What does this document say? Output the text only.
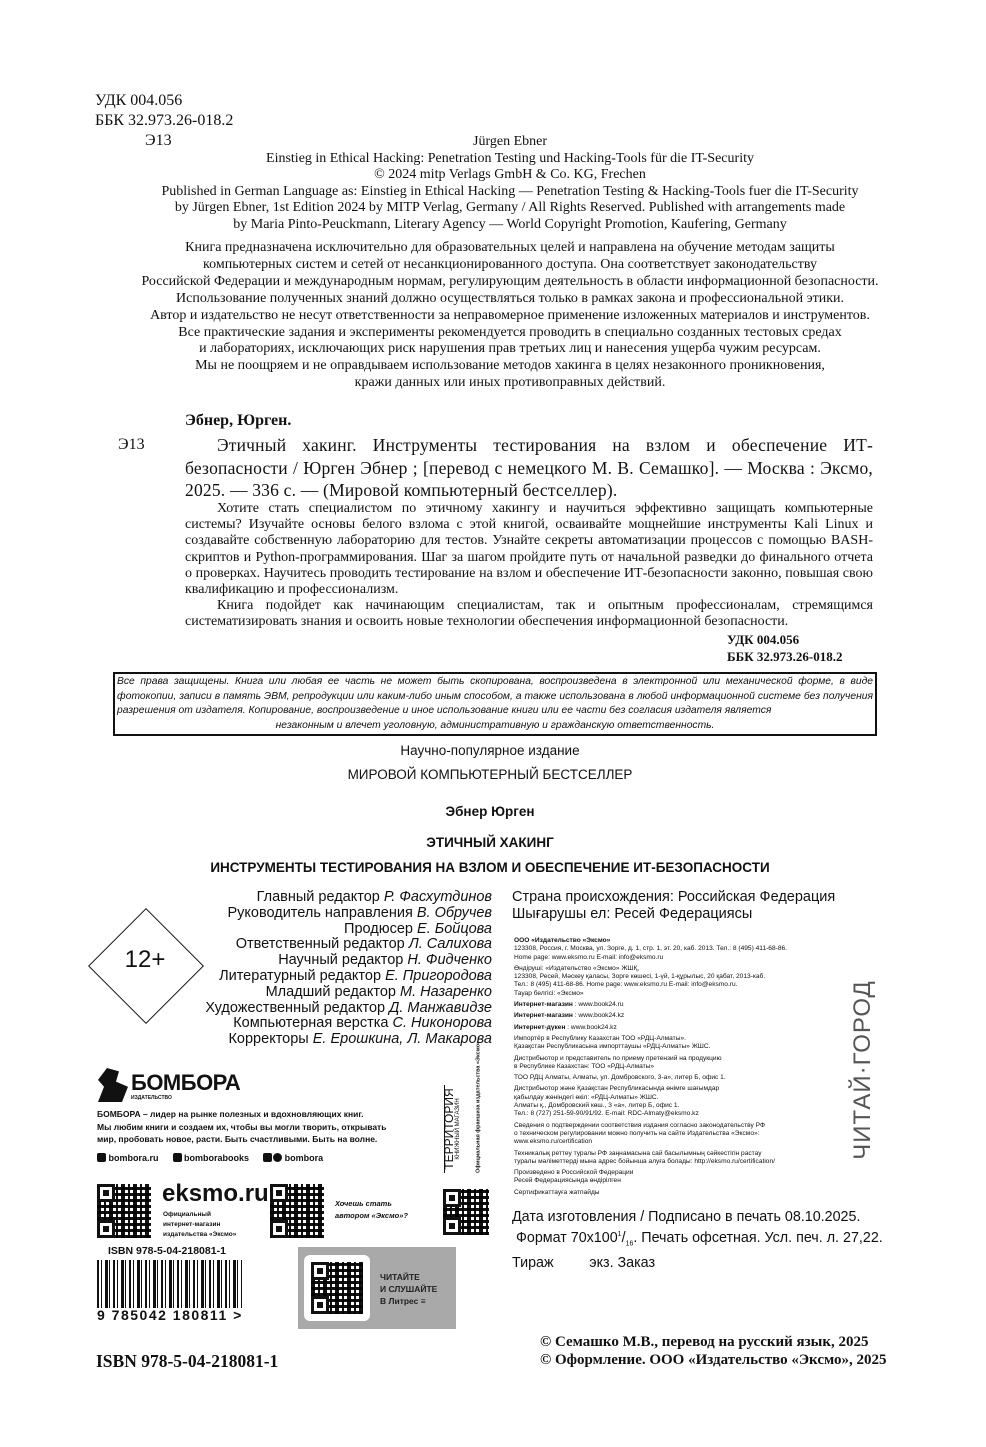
УДК 004.056
ББК 32.973.26-018.2
Э13	Jürgen Ebner
Einstieg in Ethical Hacking: Penetration Testing und Hacking-Tools für die IT-Security
© 2024 mitp Verlags GmbH & Co. KG, Frechen
Published in German Language as: Einstieg in Ethical Hacking — Penetration Testing & Hacking-Tools fuer die IT-Security
by Jürgen Ebner, 1st Edition 2024 by MITP Verlag, Germany / All Rights Reserved. Published with arrangements made
by Maria Pinto-Peuckmann, Literary Agency — World Copyright Promotion, Kaufering, Germany
Книга предназначена исключительно для образовательных целей и направлена на обучение методам защиты
компьютерных систем и сетей от несанкционированного доступа. Она соответствует законодательству
Российской Федерации и международным нормам, регулирующим деятельность в области информационной безопасности.
Использование полученных знаний должно осуществляться только в рамках закона и профессиональной этики.
Автор и издательство не несут ответственности за неправомерное применение изложенных материалов и инструментов.
Все практические задания и эксперименты рекомендуется проводить в специально созданных тестовых средах
и лабораториях, исключающих риск нарушения прав третьих лиц и нанесения ущерба чужим ресурсам.
Мы не поощряем и не оправдываем использование методов хакинга в целях незаконного проникновения,
кражи данных или иных противоправных действий.
Э13
Эбнер, Юрген.
Этичный хакинг. Инструменты тестирования на взлом и обеспечение ИТ-безопасности / Юрген Эбнер ; [перевод с немецкого М. В. Семашко]. — Москва : Эксмо, 2025. — 336 с. — (Мировой компьютерный бестселлер).

Хотите стать специалистом по этичному хакингу и научиться эффективно защищать компьютерные системы? Изучайте основы белого взлома с этой книгой, осваивайте мощнейшие инструменты Kali Linux и создавайте собственную лабораторию для тестов. Узнайте секреты автоматизации процессов с помощью BASH-скриптов и Python-программирования. Шаг за шагом пройдите путь от начальной разведки до финального отчета о проверках. Научитесь проводить тестирование на взлом и обеспечение ИТ-безопасности законно, повышая свою квалификацию и профессионализм.

Книга подойдет как начинающим специалистам, так и опытным профессионалам, стремящимся систематизировать знания и освоить новые технологии обеспечения информационной безопасности.

УДК 004.056
ББК 32.973.26-018.2
Все права защищены. Книга или любая ее часть не может быть скопирована, воспроизведена в электронной или механической форме, в виде фотокопии, записи в память ЭВМ, репродукции или каким-либо иным способом, а также использована в любой информационной системе без получения разрешения от издателя. Копирование, воспроизведение и иное использование книги или ее части без согласия издателя является
незаконным и влечет уголовную, административную и гражданскую ответственность.
Научно-популярное издание
МИРОВОЙ КОМПЬЮТЕРНЫЙ БЕСТСЕЛЛЕР
Эбнер Юрген
ЭТИЧНЫЙ ХАКИНГ
ИНСТРУМЕНТЫ ТЕСТИРОВАНИЯ НА ВЗЛОМ И ОБЕСПЕЧЕНИЕ ИТ-БЕЗОПАСНОСТИ
Главный редактор Р. Фасхутдинов
Руководитель направления В. Обручев
Продюсер Е. Бойцова
Ответственный редактор Л. Салихова
Научный редактор Н. Фидченко
Литературный редактор Е. Пригородова
Младший редактор М. Назаренко
Художественный редактор Д. Манжавидзе
Компьютерная верстка С. Никонорова
Корректоры Е. Ерошкина, Л. Макарова
12+
Страна происхождения: Российская Федерация
Шығарушы ел: Ресей Федерациясы

ООО «Издательство «Эксмо»
123308, Россия, г. Москва, ул. Зорге, д. 1, стр. 1, эт. 20, каб. 2013. Тел.: 8 (495) 411-68-86.
Home page: www.eksmo.ru E-mail: info@eksmo.ru

Өндіруші: «Издательство «Эксмо» ЖШҚ,
123308, Ресей, Мәскеу қаласы, Зорге көшесі, 1-үй, 1-құрылыс, 20 қабат, 2013-каб.
Тел.: 8 (495) 411-68-86. Home page: www.eksmo.ru E-mail: info@eksmo.ru.
Тауар белгісі: «Эксмо»

Интернет-магазин : www.book24.ru

Интернет-магазин : www.book24.kz

Интернет-дүкен : www.book24.kz

Импортёр в Республику Казахстан ТОО «РДЦ-Алматы».
Қазақстан Республикасына импорттаушы «РДЦ-Алматы» ЖШС.

Дистрибьютор и представитель по приему претензий на продукцию
в Республике Казахстан: ТОО «РДЦ-Алматы»

ТОО РДЦ Алматы, Алматы, ул. Домбровского, 3-а», литер Б, офис 1.

Дистрибьютор және Қазақстан Республикасында өнімге шағымдар
қабылдау жөніндегі өкіл: «РДЦ-Алматы» ЖШС.
Алматы қ., Домбровский көш., 3 «а», литер Б, офис 1.
Тел.: 8 (727) 251-59-90/91/92. E-mail: RDC-Almaty@eksmo.kz

Сведения о подтверждении соответствия издания согласно законодательству РФ
о техническом регулировании можно получить на сайте Издательства «Эксмо»:
www.eksmo.ru/certification

Техникалық реттеу туралы РФ заңнамасына сай басылымның сәйкестігін растау
туралы мәліметтерді мына адрес бойынша алуға болады: http://eksmo.ru/certification/

Произведено в Российской Федерации
Ресей Федерациясында өндірілген

Сертификаттауға жатпайды

ЧИТАЙ·ГОРОД
Дата изготовления / Подписано в печать 08.10.2025.
Формат $70x100^1/_{16}$. Печать офсетная. Усл. печ. л. 27,22.
Тираж         экз. Заказ
© Семашко М.В., перевод на русский язык, 2025
© Оформление. ООО «Издательство «Эксмо», 2025
ISBN 978-5-04-218081-1
БОМБОРА
ИЗДАТЕЛЬСТВО
БОМБОРА – лидер на рынке полезных и вдохновляющих книг.
Мы любим книги и создаем их, чтобы вы могли творить, открывать
мир, пробовать новое, расти. Быть счастливыми. Быть на волне.
bombora.ru	bomborabooks	bombora	ТЕРРИТОРИЯ КНИЖНЫЙ МАГАЗИН	Официальная франшиза издательства «Эксмо»
eksmo.ru
Официальный
интернет-магазин
издательства «Эксмо»
Хочешь стать
автором «Эксмо»?
ISBN 978-5-04-218081-1
9 785042 180811 >
ЧИТАЙТЕ
И СЛУШАЙТЕ
В Литрес ≡
